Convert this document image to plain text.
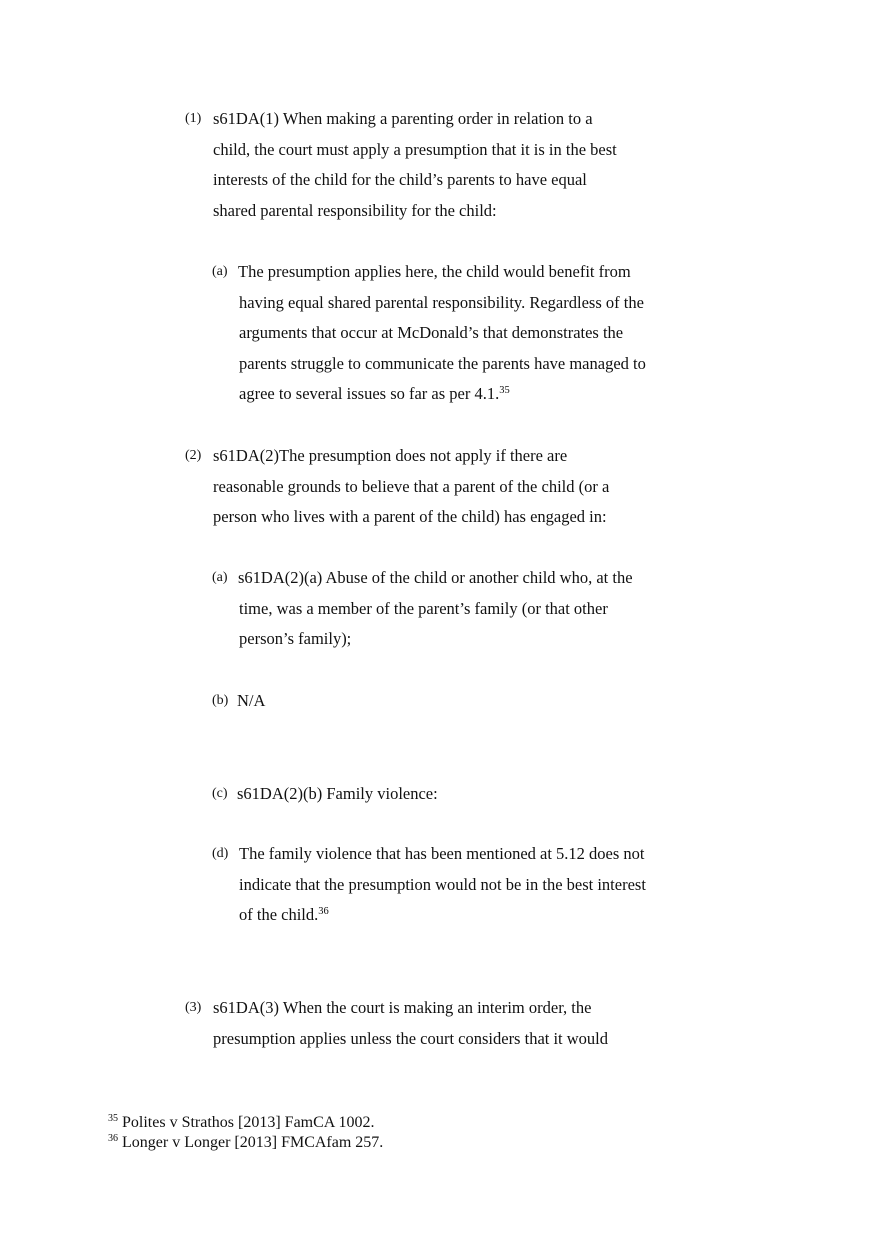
(1) s61DA(1) When making a parenting order in relation to a
child, the court must apply a presumption that it is in the best
interests of the child for the child’s parents to have equal
shared parental responsibility for the child:
(a) The presumption applies here, the child would benefit from
having equal shared parental responsibility. Regardless of the
arguments that occur at McDonald’s that demonstrates the
parents struggle to communicate the parents have managed to
agree to several issues so far as per 4.1.35
(2) s61DA(2)The presumption does not apply if there are
reasonable grounds to believe that a parent of the child (or a
person who lives with a parent of the child) has engaged in:
(a) s61DA(2)(a) Abuse of the child or another child who, at the
time, was a member of the parent’s family (or that other
person’s family);
(b) N/A
(c) s61DA(2)(b) Family violence:
(d) The family violence that has been mentioned at 5.12 does not
indicate that the presumption would not be in the best interest
of the child.$^{36}$
(3) s61DA(3) When the court is making an interim order, the
presumption applies unless the court considers that it would
$^{35}$ Polites v Strathos [2013] FamCA 1002.
$^{36}$ Longer v Longer [2013] FMCAfam 257.
